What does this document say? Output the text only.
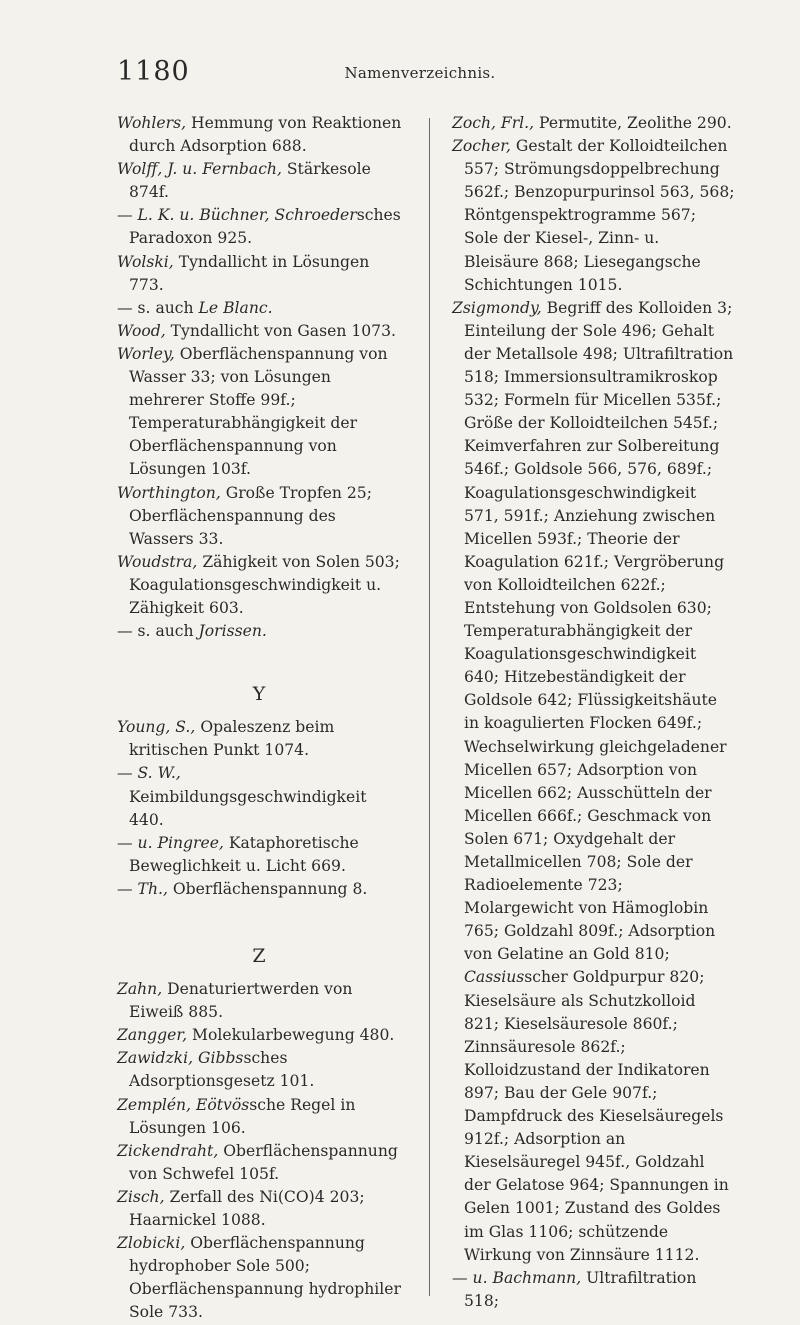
1180	Namenverzeichnis.

Wohlers, Hemmung von Reaktionen durch Adsorption 688.

Wolff, J. u. Fernbach, Stärkesole 874f.

— L. K. u. Büchner, Schroedersches Paradoxon 925.

Wolski, Tyndallicht in Lösungen 773.

— s. auch Le Blanc.

Wood, Tyndallicht von Gasen 1073.

Worley, Oberflächenspannung von Wasser 33; von Lösungen mehrerer Stoffe 99f.; Temperaturabhängigkeit der Oberflächenspannung von Lösungen 103f.

Worthington, Große Tropfen 25; Oberflächenspannung des Wassers 33.

Woudstra, Zähigkeit von Solen 503; Koagulationsgeschwindigkeit u. Zähigkeit 603.

— s. auch Jorissen.

Y

Young, S., Opaleszenz beim kritischen Punkt 1074.

— S. W., Keimbildungsgeschwindigkeit 440.

— u. Pingree, Kataphoretische Beweglichkeit u. Licht 669.

— Th., Oberflächenspannung 8.

Z

Zahn, Denaturiertwerden von Eiweiß 885.

Zangger, Molekularbewegung 480.

Zawidzki, Gibbssches Adsorptionsgesetz 101.

Zemplén, Eötvössche Regel in Lösungen 106.

Zickendraht, Oberflächenspannung von Schwefel 105f.

Zisch, Zerfall des Ni(CO)4 203; Haarnickel 1088.

Zlobicki, Oberflächenspannung hydrophober Sole 500; Oberflächenspannung hydrophiler Sole 733.

Zoch, Frl., Permutite, Zeolithe 290.

Zocher, Gestalt der Kolloidteilchen 557; Strömungsdoppelbrechung 562f.; Benzopurpurinsol 563, 568; Röntgenspektrogramme 567; Sole der Kiesel-, Zinn- u. Bleisäure 868; Liesegangsche Schichtungen 1015.

Zsigmondy, Begriff des Kolloiden 3; Einteilung der Sole 496; Gehalt der Metallsole 498; Ultrafiltration 518; Immersionsultramikroskop 532; Formeln für Micellen 535f.; Größe der Kolloidteilchen 545f.; Keimverfahren zur Solbereitung 546f.; Goldsole 566, 576, 689f.; Koagulationsgeschwindigkeit 571, 591f.; Anziehung zwischen Micellen 593f.; Theorie der Koagulation 621f.; Vergröberung von Kolloidteilchen 622f.; Entstehung von Goldsolen 630; Temperaturabhängigkeit der Koagulationsgeschwindigkeit 640; Hitzebeständigkeit der Goldsole 642; Flüssigkeitshäute in koagulierten Flocken 649f.; Wechselwirkung gleichgeladener Micellen 657; Adsorption von Micellen 662; Ausschütteln der Micellen 666f.; Geschmack von Solen 671; Oxydgehalt der Metallmicellen 708; Sole der Radioelemente 723; Molargewicht von Hämoglobin 765; Goldzahl 809f.; Adsorption von Gelatine an Gold 810; Cassiusscher Goldpurpur 820; Kieselsäure als Schutzkolloid 821; Kieselsäuresole 860f.; Zinnsäuresole 862f.; Kolloidzustand der Indikatoren 897; Bau der Gele 907f.; Dampfdruck des Kieselsäuregels 912f.; Adsorption an Kieselsäuregel 945f., Goldzahl der Gelatose 964; Spannungen in Gelen 1001; Zustand des Goldes im Glas 1106; schützende Wirkung von Zinnsäure 1112.

— u. Bachmann, Ultrafiltration 518;
